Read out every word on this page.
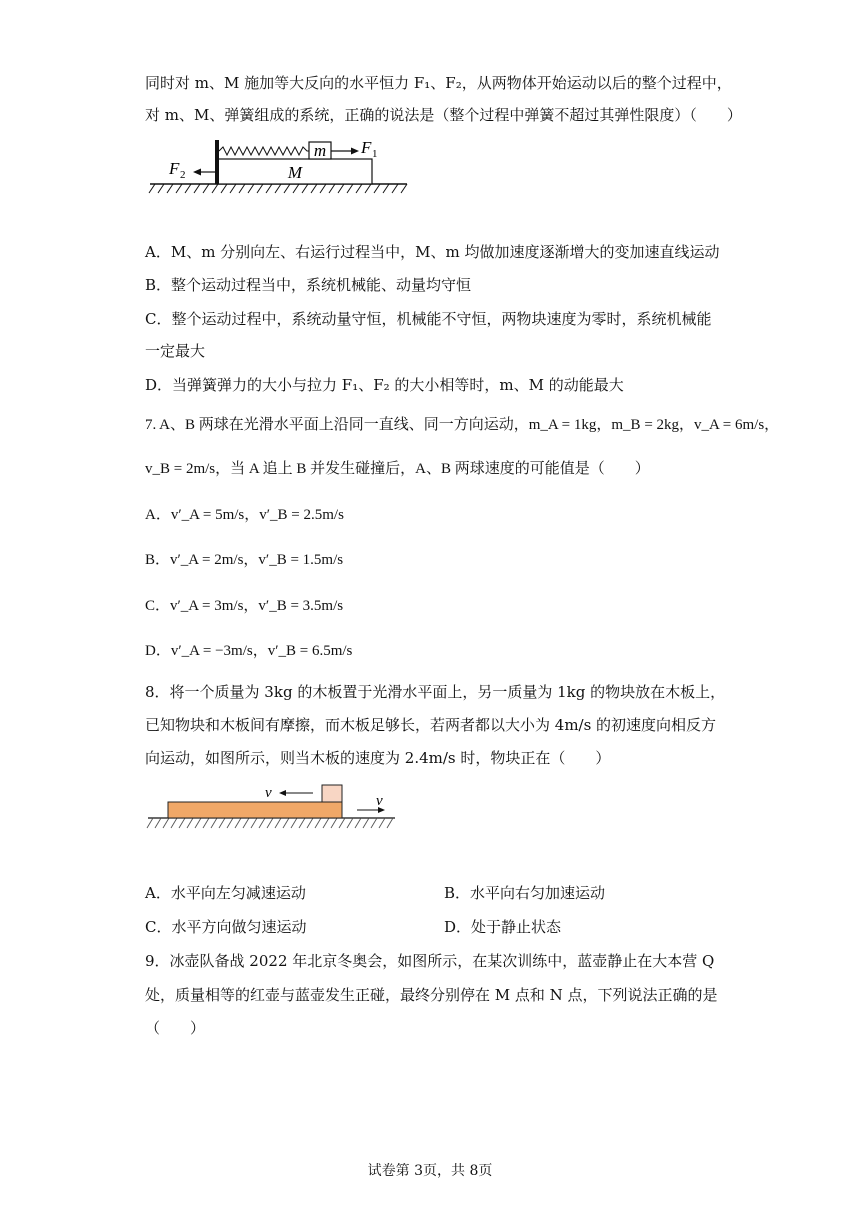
同时对 m、M 施加等大反向的水平恒力 F₁、F₂，从两物体开始运动以后的整个过程中，
对 m、M、弹簧组成的系统，正确的说法是（整个过程中弹簧不超过其弹性限度）（　　）
m
M
F 1
F 2
A．M、m 分别向左、右运行过程当中，M、m 均做加速度逐渐增大的变加速直线运动
B．整个运动过程当中，系统机械能、动量均守恒
C．整个运动过程中，系统动量守恒，机械能不守恒，两物块速度为零时，系统机械能
一定最大
D．当弹簧弹力的大小与拉力 F₁、F₂ 的大小相等时，m、M 的动能最大
7. A、B 两球在光滑水平面上沿同一直线、同一方向运动，m_A = 1kg，m_B = 2kg，v_A = 6m/s，
v_B = 2m/s，当 A 追上 B 并发生碰撞后，A、B 两球速度的可能值是（　　）
A．v′_A = 5m/s，v′_B = 2.5m/s
B．v′_A = 2m/s，v′_B = 1.5m/s
C．v′_A = 3m/s，v′_B = 3.5m/s
D．v′_A = −3m/s，v′_B = 6.5m/s
8．将一个质量为 3kg 的木板置于光滑水平面上，另一质量为 1kg 的物块放在木板上，
已知物块和木板间有摩擦，而木板足够长，若两者都以大小为 4m/s 的初速度向相反方
向运动，如图所示，则当木板的速度为 2.4m/s 时，物块正在（　　）
v	v
A．水平向左匀减速运动	B．水平向右匀加速运动
C．水平方向做匀速运动	D．处于静止状态
9．冰壶队备战 2022 年北京冬奥会，如图所示，在某次训练中，蓝壶静止在大本营 Q
处，质量相等的红壶与蓝壶发生正碰，最终分别停在 M 点和 N 点，下列说法正确的是
（　　）
试卷第 3页，共 8页
